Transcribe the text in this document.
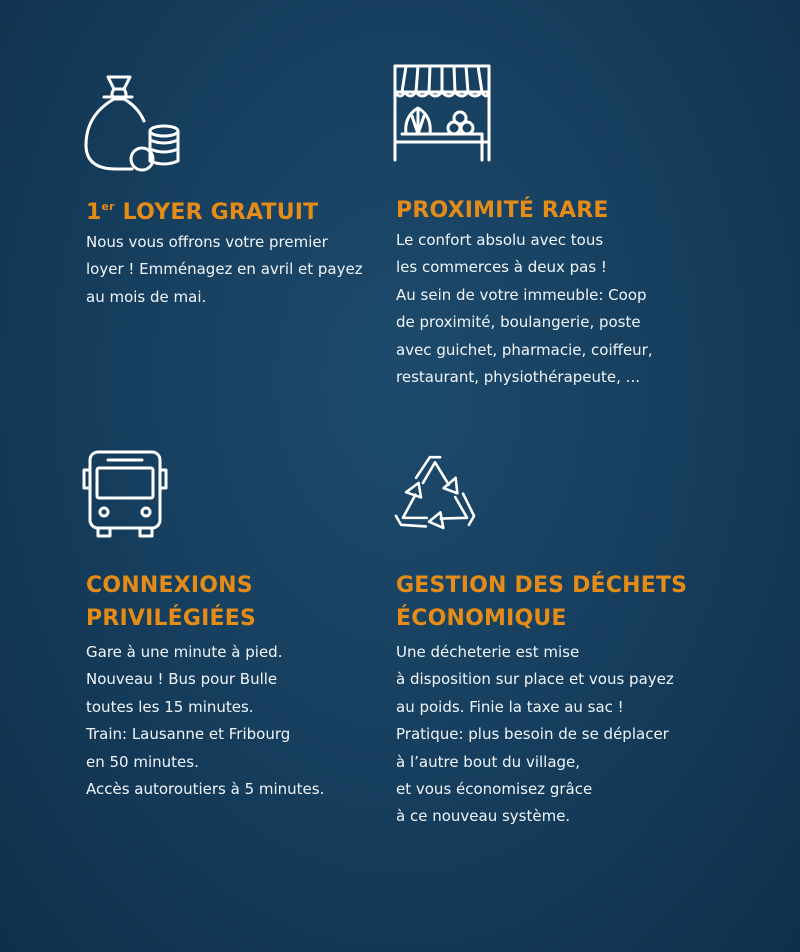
1er LOYER GRATUIT

Nous vous offrons votre premier
loyer ! Emménagez en avril et payez
au mois de mai.

PROXIMITÉ RARE

Le confort absolu avec tous
les commerces à deux pas !
Au sein de votre immeuble: Coop
de proximité, boulangerie, poste
avec guichet, pharmacie, coiffeur,
restaurant, physiothérapeute, ...

CONNEXIONS
PRIVILÉGIÉES

Gare à une minute à pied.
Nouveau ! Bus pour Bulle
toutes les 15 minutes.
Train: Lausanne et Fribourg
en 50 minutes.
Accès autoroutiers à 5 minutes.

GESTION DES DÉCHETS
ÉCONOMIQUE

Une décheterie est mise
à disposition sur place et vous payez
au poids. Finie la taxe au sac !
Pratique: plus besoin de se déplacer
à l’autre bout du village,
et vous économisez grâce
à ce nouveau système.
